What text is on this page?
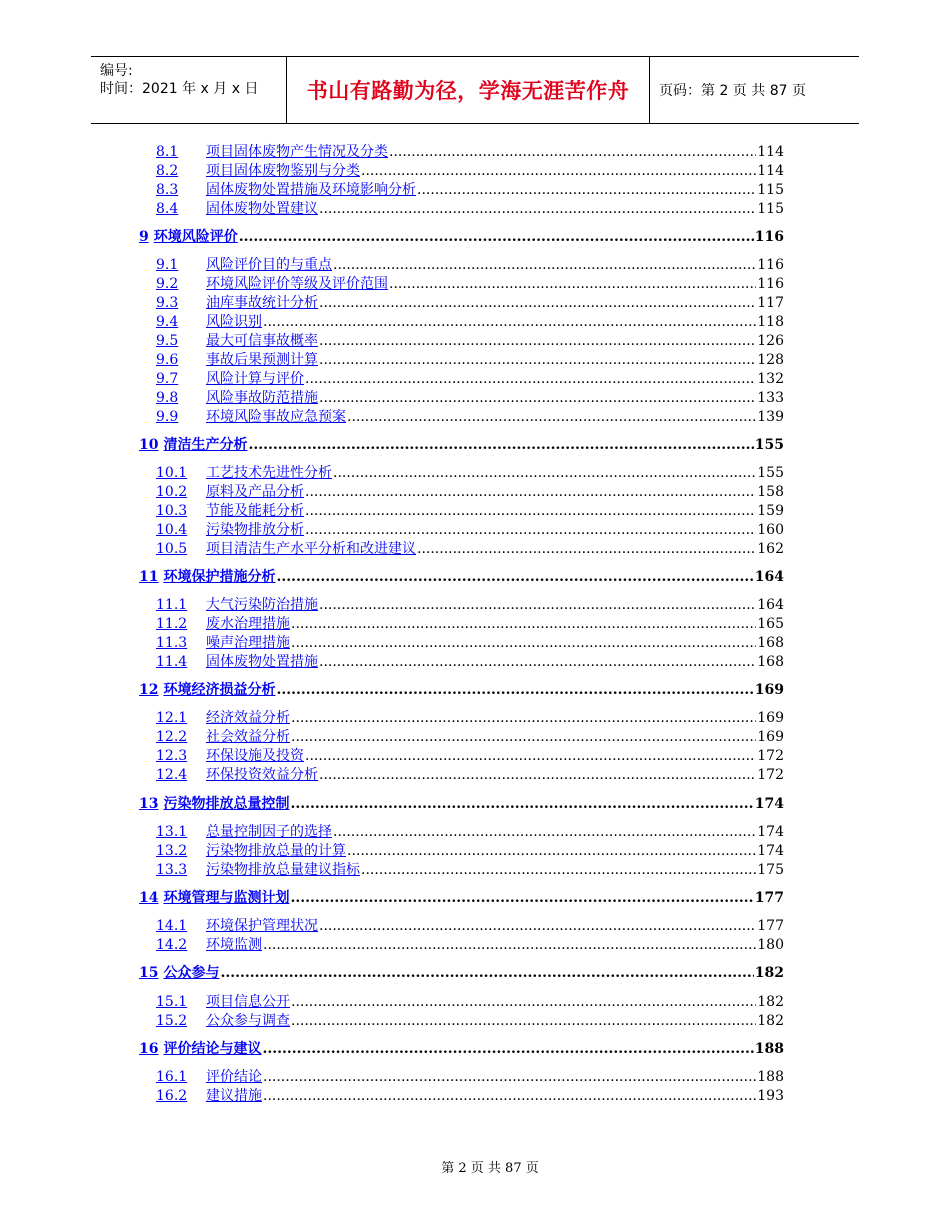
编号:
时间：2021 年 x 月 x 日 书山有路勤为径，学海无涯苦作舟 页码：第 2 页 共 87 页
8.1	项目固体废物产生情况及分类 .....	114
8.2	项目固体废物鉴别与分类 .....	114
8.3	固体废物处置措施及环境影响分析 .....	115
8.4	固体废物处置建议 .....	115
9 环境风险评价 .....	116
9.1	风险评价目的与重点 .....	116
9.2	环境风险评价等级及评价范围 .....	116
9.3	油库事故统计分析 .....	117
9.4	风险识别 .....	118
9.5	最大可信事故概率 .....	126
9.6	事故后果预测计算 .....	128
9.7	风险计算与评价 .....	132
9.8	风险事故防范措施 .....	133
9.9	环境风险事故应急预案 .....	139
10 清洁生产分析 .....	155
10.1	工艺技术先进性分析 .....	155
10.2	原料及产品分析 .....	158
10.3	节能及能耗分析 .....	159
10.4	污染物排放分析 .....	160
10.5	项目清洁生产水平分析和改进建议 .....	162
11 环境保护措施分析 .....	164
11.1	大气污染防治措施 .....	164
11.2	废水治理措施 .....	165
11.3	噪声治理措施 .....	168
11.4	固体废物处置措施 .....	168
12 环境经济损益分析 .....	169
12.1	经济效益分析 .....	169
12.2	社会效益分析 .....	169
12.3	环保设施及投资 .....	172
12.4	环保投资效益分析 .....	172
13 污染物排放总量控制 .....	174
13.1	总量控制因子的选择 .....	174
13.2	污染物排放总量的计算 .....	174
13.3	污染物排放总量建议指标 .....	175
14 环境管理与监测计划 .....	177
14.1	环境保护管理状况 .....	177
14.2	环境监测 .....	180
15 公众参与 .....	182
15.1	项目信息公开 .....	182
15.2	公众参与调查 .....	182
16 评价结论与建议 .....	188
16.1	评价结论 .....	188
16.2	建议措施 .....	193
第 2 页 共 87 页
